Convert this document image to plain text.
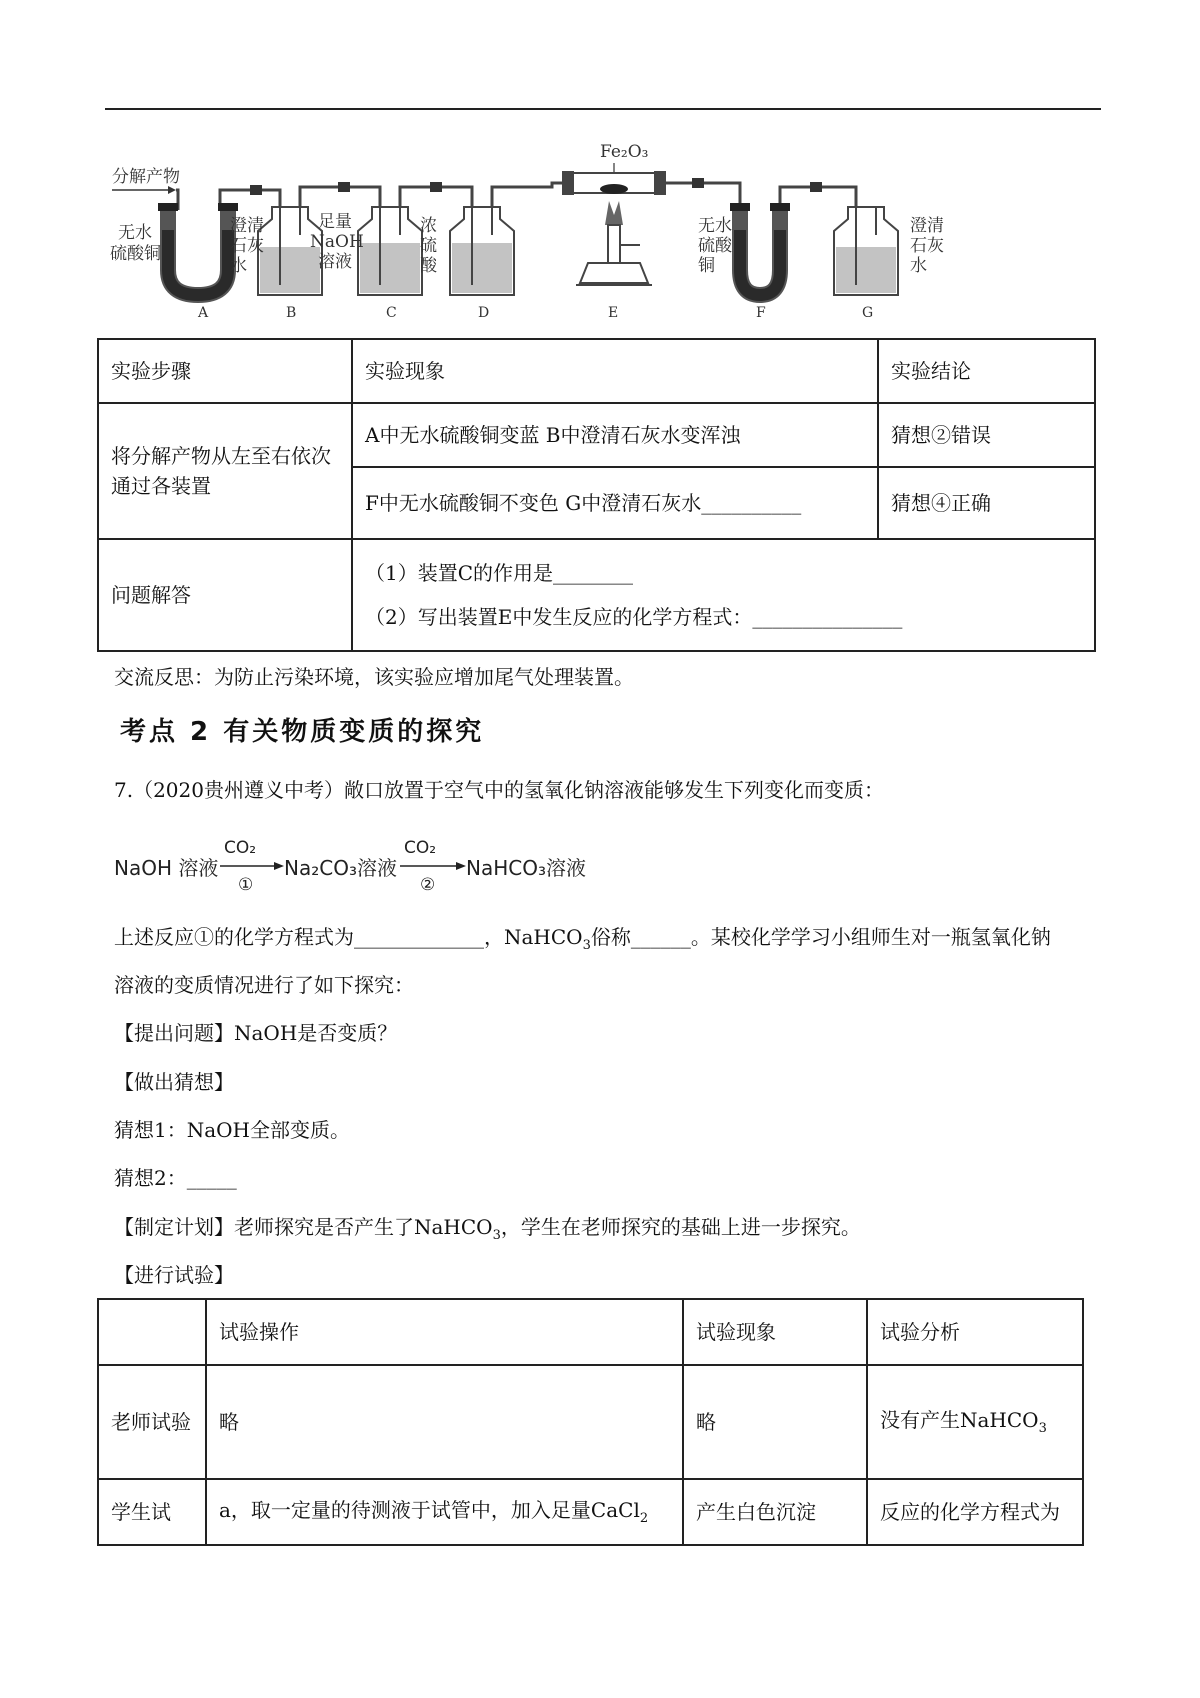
分解产物
无水
硫酸铜
澄清
石灰
水
足量
NaOH
溶液
浓
硫
酸
Fe₂O₃
无水
硫酸
铜
澄清
石灰
水
A	B	C	D	E	F	G
实验步骤	实验现象	实验结论
将分解产物从左至右依次通过各装置	A中无水硫酸铜变蓝 B中澄清石灰水变浑浊	猜想②错误
	F中无水硫酸铜不变色 G中澄清石灰水__________	猜想④正确
问题解答	（1）装置C的作用是________
（2）写出装置E中发生反应的化学方程式：_______________	
交流反思：为防止污染环境，该实验应增加尾气处理装置。
考点 2 有关物质变质的探究
7.（2020贵州遵义中考）敞口放置于空气中的氢氧化钠溶液能够发生下列变化而变质：
NaOH 溶液
CO₂
①
Na₂CO₃溶液
CO₂
②
NaHCO₃溶液
上述反应①的化学方程式为_____________，NaHCO$_3$俗称______。某校化学学习小组师生对一瓶氢氧化钠
溶液的变质情况进行了如下探究：
【提出问题】NaOH是否变质？
【做出猜想】
猜想1：NaOH全部变质。
猜想2：_____
【制定计划】老师探究是否产生了NaHCO$_3$，学生在老师探究的基础上进一步探究。
【进行试验】
	试验操作	试验现象	试验分析
老师试验	略	略	没有产生NaHCO$_3$
学生试	a，取一定量的待测液于试管中，加入足量CaCl$_2$	产生白色沉淀	反应的化学方程式为
